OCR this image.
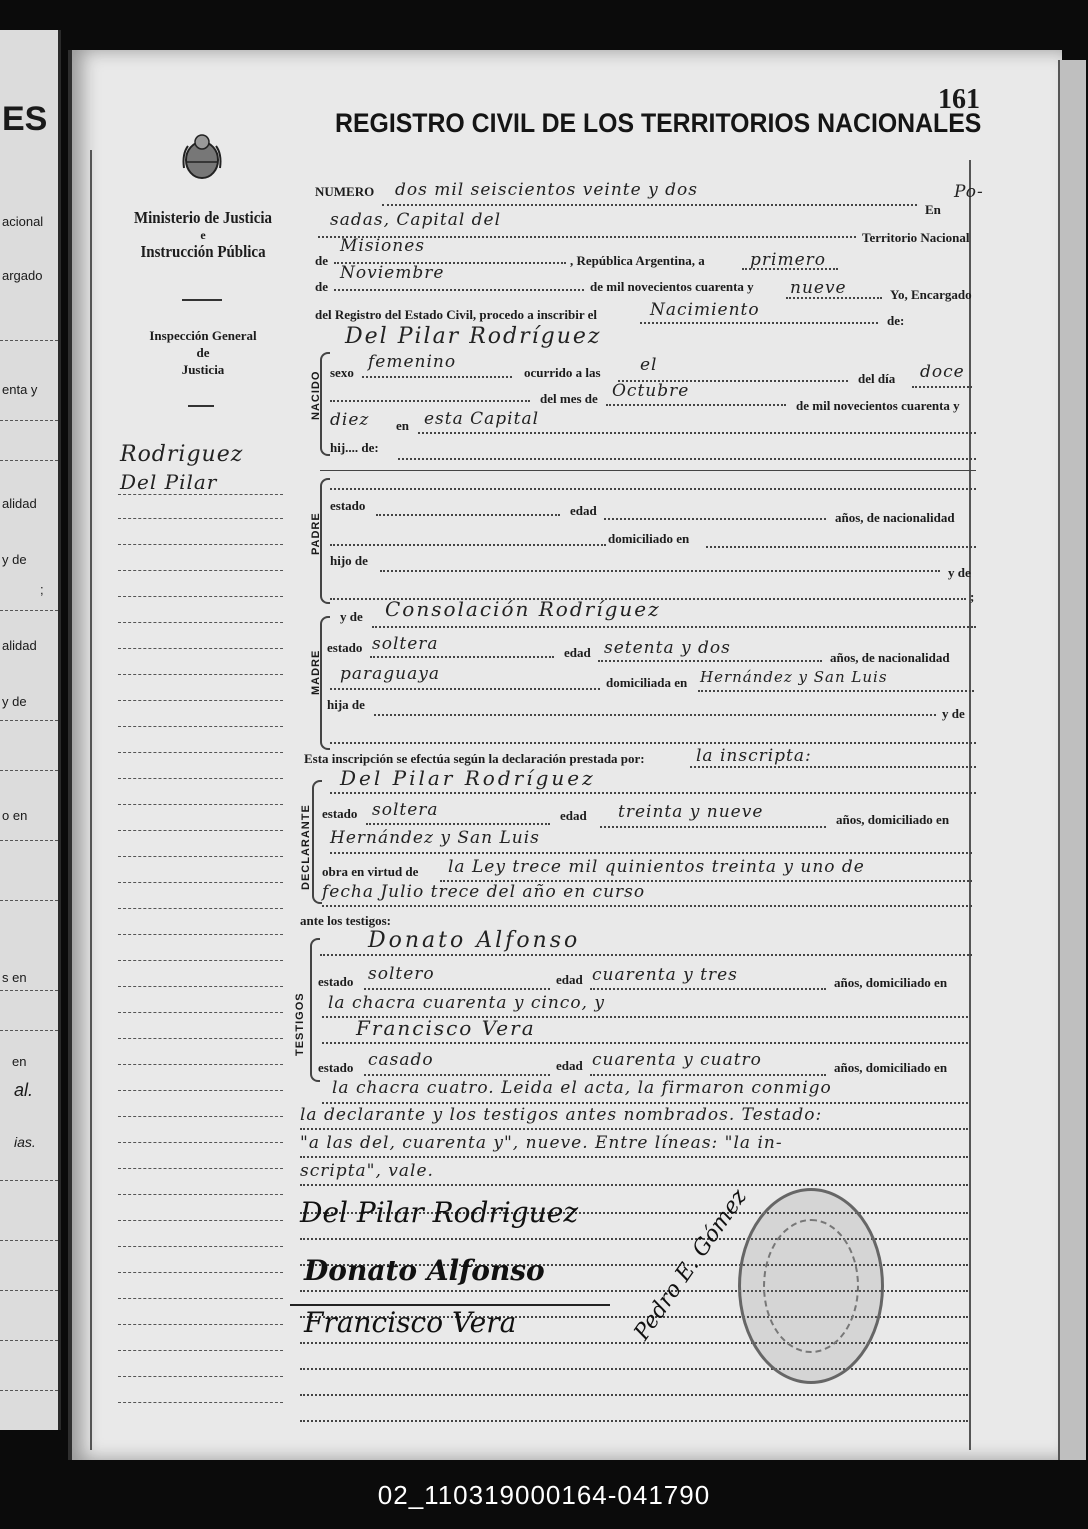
ES
acional
argado
enta y
alidad
y de
;
alidad
y de
o en
s en
en
al.
ias.
161
REGISTRO CIVIL DE LOS TERRITORIOS NACIONALES
Ministerio de Justicia
e
Instrucción Pública
Inspección General
de
Justicia
Rodriguez
Del Pilar
NUMERO dos mil seiscientos veinte y dos
En
Po-
sadas, Capital del
Territorio Nacional
de
Misiones
, República Argentina, a	primero
de
Noviembre
de mil novecientos cuarenta y nueve	Yo, Encargado
del Registro del Estado Civil, procedo a inscribir el	Nacimiento
de:
Del Pilar Rodríguez
NACIDO sexo
femenino
ocurrido a las el
del día doce
del mes de Octubre
de mil novecientos cuarenta y
diez en esta Capital
hij.... de:
PADRE
estado	edad	años, de nacionalidad
domiciliado en
hijo de
y de
;
MADRE
y de Consolación Rodríguez
estado soltera	edad setenta y dos	años, de nacionalidad
paraguaya	domiciliada en Hernández y San Luis
hija de
y de
Esta inscripción se efectúa según la declaración prestada por:	la inscripta:
DECLARANTE
Del Pilar Rodríguez
estado soltera	edad treinta y nueve	años, domiciliado en
Hernández y San Luis
obra en virtud de la Ley trece mil quinientos treinta y uno de
fecha Julio trece del año en curso
ante los testigos:
TESTIGOS
Donato Alfonso
estado soltero	edad cuarenta y tres	años, domiciliado en
la chacra cuarenta y cinco, y
Francisco Vera
estado casado	edad cuarenta y cuatro	años, domiciliado en
la chacra cuatro. Leida el acta, la firmaron conmigo
la declarante y los testigos antes nombrados. Testado:
"a las del, cuarenta y", nueve. Entre líneas: "la in-
scripta", vale.
Del Pilar Rodriguez
Donato Alfonso
Francisco Vera	Pedro E. Gómez
02_110319000164-041790
